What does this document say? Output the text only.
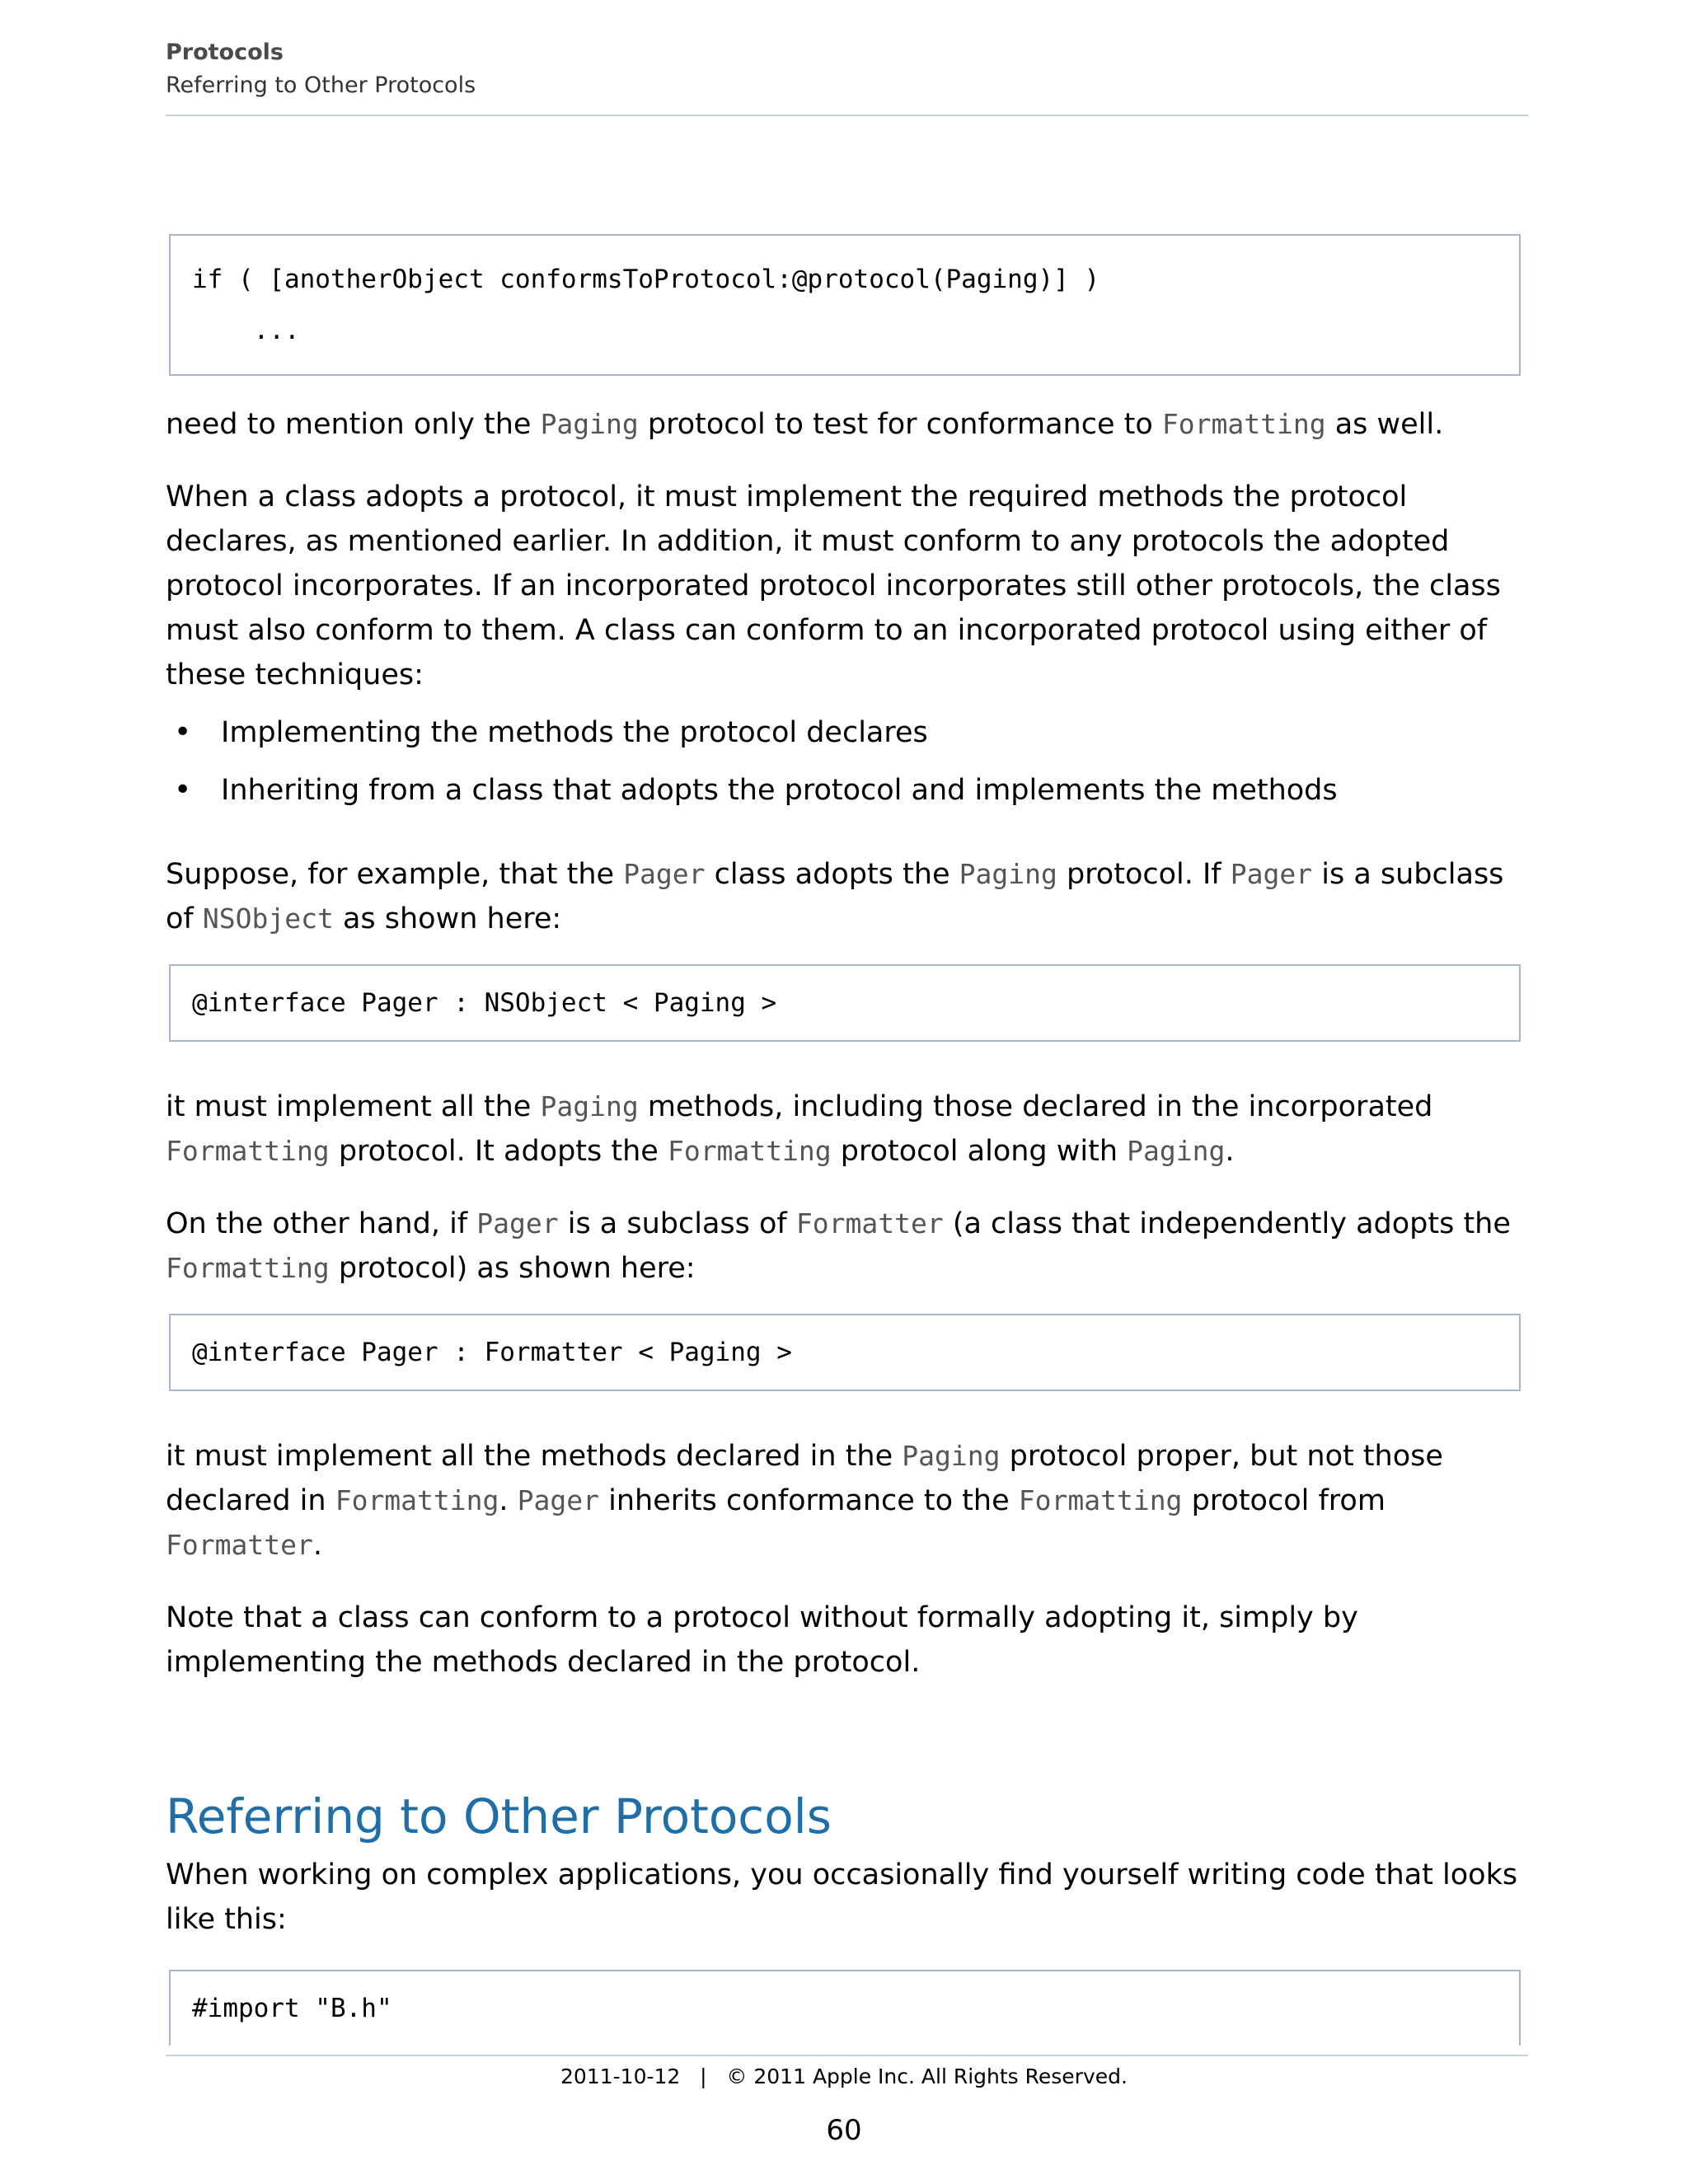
Protocols
Referring to Other Protocols
if ( [anotherObject conformsToProtocol:@protocol(Paging)] )
...

need to mention only the Paging protocol to test for conformance to Formatting as well.

When a class adopts a protocol, it must implement the required methods the protocol declares, as mentioned earlier. In addition, it must conform to any protocols the adopted protocol incorporates. If an incorporated protocol incorporates still other protocols, the class must also conform to them. A class can conform to an incorporated protocol using either of these techniques:

• Implementing the methods the protocol declares
• Inheriting from a class that adopts the protocol and implements the methods

Suppose, for example, that the Pager class adopts the Paging protocol. If Pager is a subclass of NSObject as shown here:

@interface Pager : NSObject < Paging >

it must implement all the Paging methods, including those declared in the incorporated Formatting protocol. It adopts the Formatting protocol along with Paging.

On the other hand, if Pager is a subclass of Formatter (a class that independently adopts the Formatting protocol) as shown here:

@interface Pager : Formatter < Paging >

it must implement all the methods declared in the Paging protocol proper, but not those declared in Formatting. Pager inherits conformance to the Formatting protocol from Formatter.

Note that a class can conform to a protocol without formally adopting it, simply by implementing the methods declared in the protocol.

Referring to Other Protocols

When working on complex applications, you occasionally find yourself writing code that looks like this:

#import "B.h"
2011-10-12   |   © 2011 Apple Inc. All Rights Reserved.
60
